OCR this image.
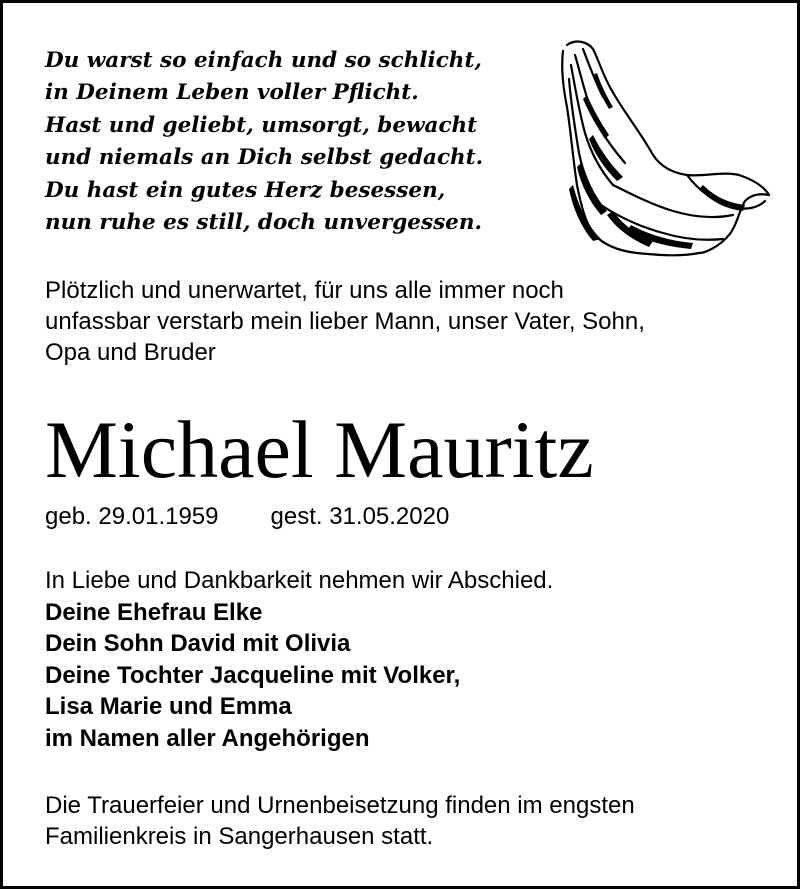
Du warst so einfach und so schlicht,
in Deinem Leben voller Pflicht.
Hast und geliebt, umsorgt, bewacht
und niemals an Dich selbst gedacht.
Du hast ein gutes Herz besessen,
nun ruhe es still, doch unvergessen.
Plötzlich und unerwartet, für uns alle immer noch
unfassbar verstarb mein lieber Mann, unser Vater, Sohn,
Opa und Bruder
Michael Mauritz
geb. 29.01.1959 gest. 31.05.2020
In Liebe und Dankbarkeit nehmen wir Abschied.
Deine Ehefrau Elke
Dein Sohn David mit Olivia
Deine Tochter Jacqueline mit Volker,
Lisa Marie und Emma
im Namen aller Angehörigen
Die Trauerfeier und Urnenbeisetzung finden im engsten
Familienkreis in Sangerhausen statt.
